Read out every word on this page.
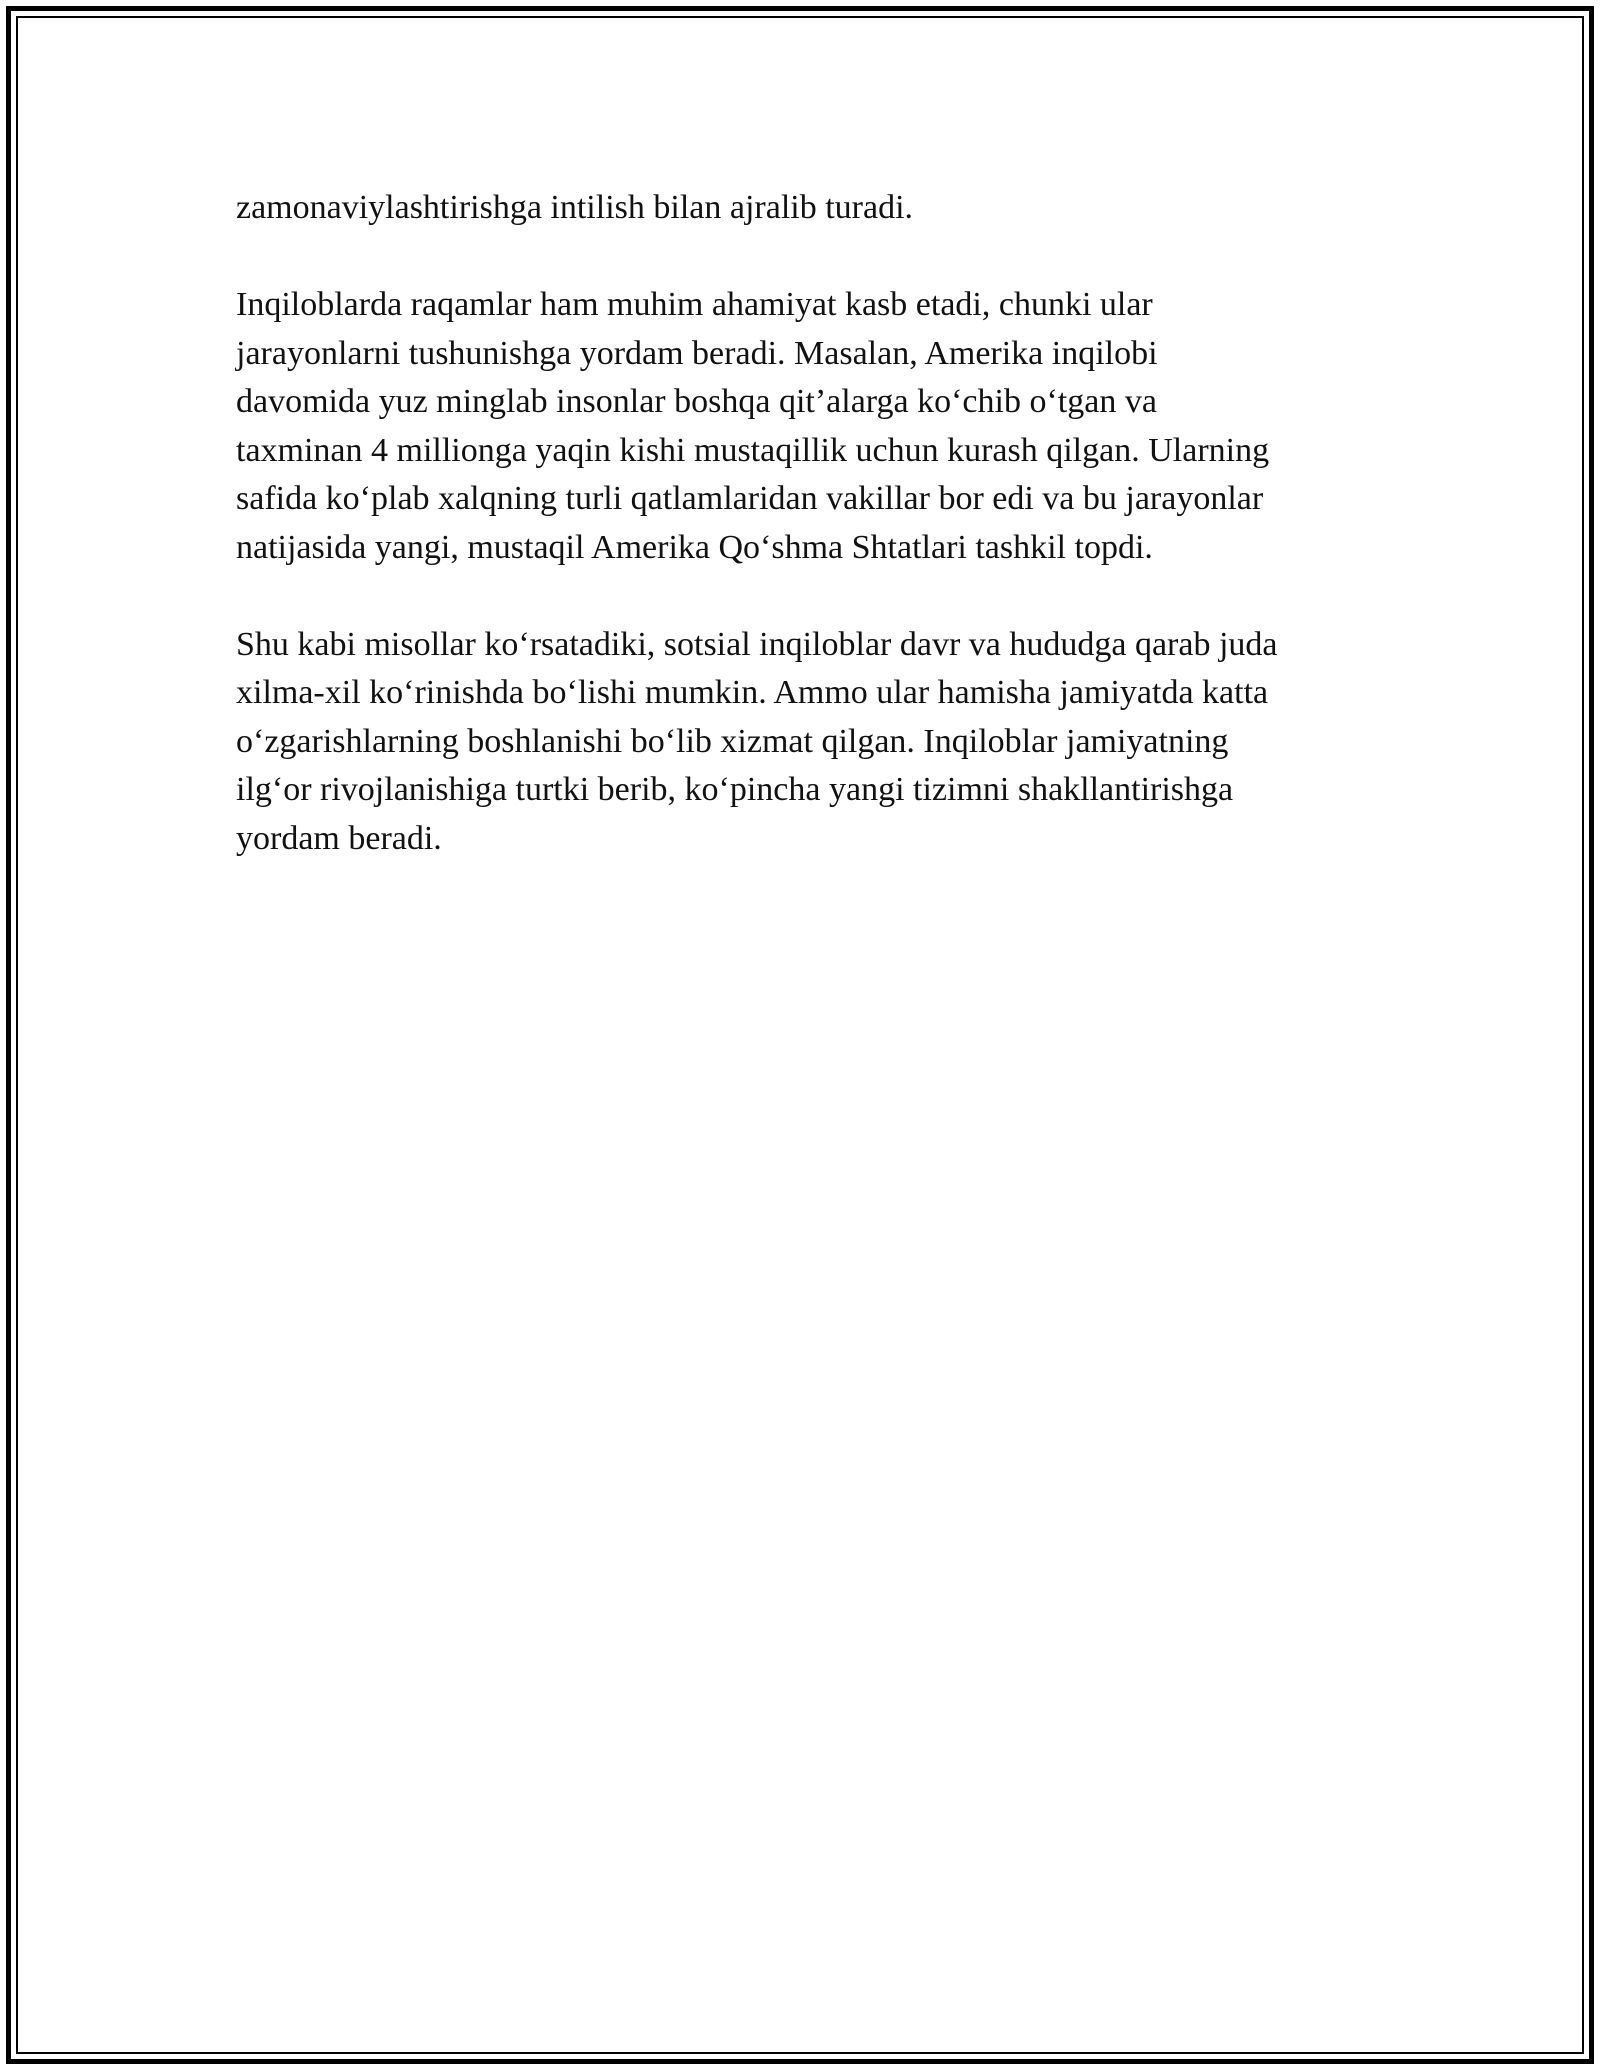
zamonaviylashtirishga intilish bilan ajralib turadi.

Inqiloblarda raqamlar ham muhim ahamiyat kasb etadi, chunki ular
jarayonlarni tushunishga yordam beradi. Masalan, Amerika inqilobi
davomida yuz minglab insonlar boshqa qit’alarga ko‘chib o‘tgan va
taxminan 4 millionga yaqin kishi mustaqillik uchun kurash qilgan. Ularning
safida ko‘plab xalqning turli qatlamlaridan vakillar bor edi va bu jarayonlar
natijasida yangi, mustaqil Amerika Qo‘shma Shtatlari tashkil topdi.

Shu kabi misollar ko‘rsatadiki, sotsial inqiloblar davr va hududga qarab juda
xilma-xil ko‘rinishda bo‘lishi mumkin. Ammo ular hamisha jamiyatda katta
o‘zgarishlarning boshlanishi bo‘lib xizmat qilgan. Inqiloblar jamiyatning
ilg‘or rivojlanishiga turtki berib, ko‘pincha yangi tizimni shakllantirishga
yordam beradi.
